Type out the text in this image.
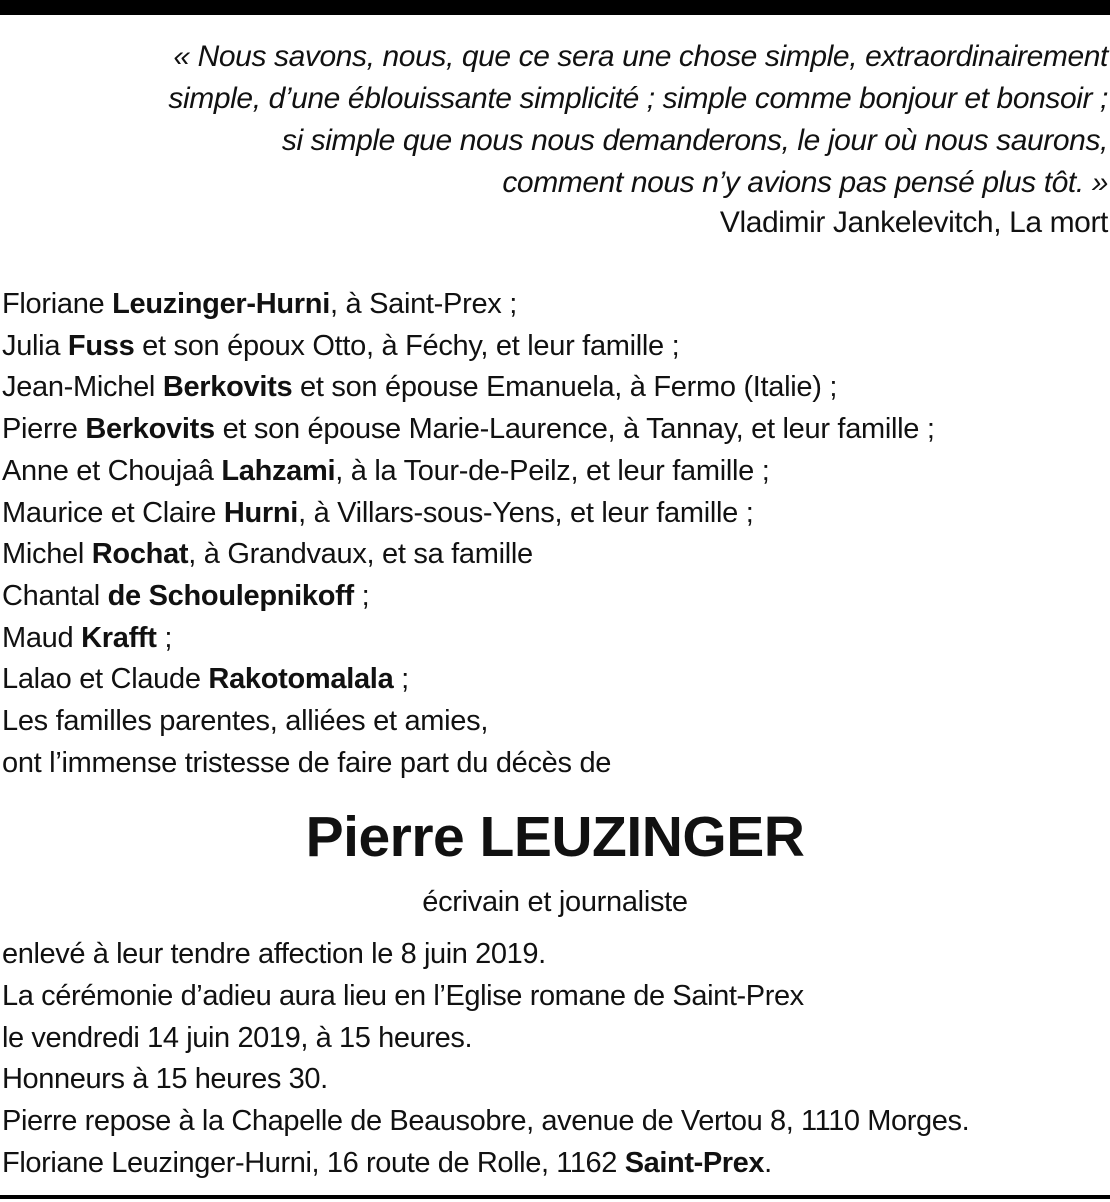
« Nous savons, nous, que ce sera une chose simple, extraordinairement
simple, d’une éblouissante simplicité ; simple comme bonjour et bonsoir ;
si simple que nous nous demanderons, le jour où nous saurons,
comment nous n’y avions pas pensé plus tôt. »
Vladimir Jankelevitch, La mort
Floriane Leuzinger-Hurni, à Saint-Prex ;
Julia Fuss et son époux Otto, à Féchy, et leur famille ;
Jean-Michel Berkovits et son épouse Emanuela, à Fermo (Italie) ;
Pierre Berkovits et son épouse Marie-Laurence, à Tannay, et leur famille ;
Anne et Choujaâ Lahzami, à la Tour-de-Peilz, et leur famille ;
Maurice et Claire Hurni, à Villars-sous-Yens, et leur famille ;
Michel Rochat, à Grandvaux, et sa famille
Chantal de Schoulepnikoff ;
Maud Krafft ;
Lalao et Claude Rakotomalala ;
Les familles parentes, alliées et amies,
ont l’immense tristesse de faire part du décès de
Pierre LEUZINGER
écrivain et journaliste
enlevé à leur tendre affection le 8 juin 2019.
La cérémonie d’adieu aura lieu en l’Eglise romane de Saint-Prex
le vendredi 14 juin 2019, à 15 heures.
Honneurs à 15 heures 30.
Pierre repose à la Chapelle de Beausobre, avenue de Vertou 8, 1110 Morges.
Floriane Leuzinger-Hurni, 16 route de Rolle, 1162 Saint-Prex.
